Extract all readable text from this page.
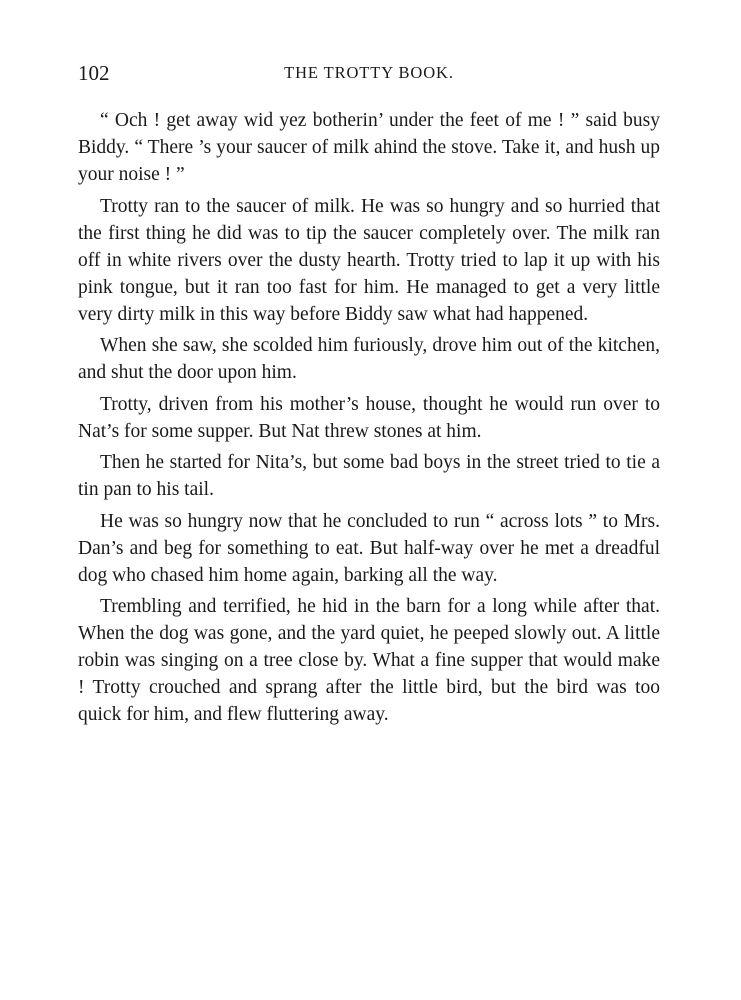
102	THE TROTTY BOOK.

“ Och ! get away wid yez botherin’ under the feet of me ! ” said busy Biddy. “ There ’s your saucer of milk ahind the stove. Take it, and hush up your noise ! ”

Trotty ran to the saucer of milk. He was so hungry and so hurried that the first thing he did was to tip the saucer completely over. The milk ran off in white rivers over the dusty hearth. Trotty tried to lap it up with his pink tongue, but it ran too fast for him. He managed to get a very little very dirty milk in this way before Biddy saw what had happened.

When she saw, she scolded him furiously, drove him out of the kitchen, and shut the door upon him.

Trotty, driven from his mother’s house, thought he would run over to Nat’s for some supper. But Nat threw stones at him.

Then he started for Nita’s, but some bad boys in the street tried to tie a tin pan to his tail.

He was so hungry now that he concluded to run “ across lots ” to Mrs. Dan’s and beg for something to eat. But half-way over he met a dreadful dog who chased him home again, barking all the way.

Trembling and terrified, he hid in the barn for a long while after that. When the dog was gone, and the yard quiet, he peeped slowly out. A little robin was singing on a tree close by. What a fine supper that would make ! Trotty crouched and sprang after the little bird, but the bird was too quick for him, and flew fluttering away.
